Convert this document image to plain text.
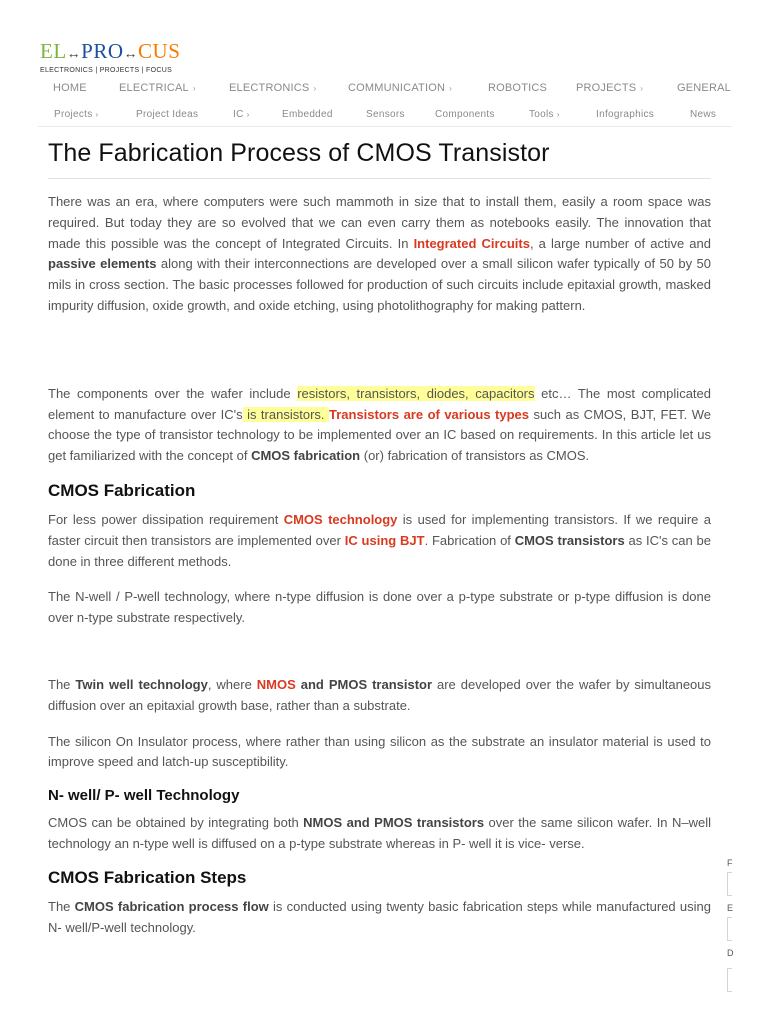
EL↔PRO↔CUS
ELECTRONICS | PROJECTS | FOCUS
HOME	ELECTRICAL ›	ELECTRONICS ›	COMMUNICATION ›	ROBOTICS	PROJECTS ›	GENERAL
Projects ›	Project Ideas	IC ›	Embedded	Sensors	Components	Tools ›	Infographics	News
The Fabrication Process of CMOS Transistor

There was an era, where computers were such mammoth in size that to install them, easily a room space was required. But today they are so evolved that we can even carry them as notebooks easily. The innovation that made this possible was the concept of Integrated Circuits. In Integrated Circuits, a large number of active and passive elements along with their interconnections are developed over a small silicon wafer typically of 50 by 50 mils in cross section. The basic processes followed for production of such circuits include epitaxial growth, masked impurity diffusion, oxide growth, and oxide etching, using photolithography for making pattern.

The components over the wafer include resistors, transistors, diodes, capacitors etc… The most complicated element to manufacture over IC's is transistors. Transistors are of various types such as CMOS, BJT, FET. We choose the type of transistor technology to be implemented over an IC based on requirements. In this article let us get familiarized with the concept of CMOS fabrication (or) fabrication of transistors as CMOS.

CMOS Fabrication

For less power dissipation requirement CMOS technology is used for implementing transistors. If we require a faster circuit then transistors are implemented over IC using BJT. Fabrication of CMOS transistors as IC's can be done in three different methods.

The N-well / P-well technology, where n-type diffusion is done over a p-type substrate or p-type diffusion is done over n-type substrate respectively.

The Twin well technology, where NMOS and PMOS transistor are developed over the wafer by simultaneous diffusion over an epitaxial growth base, rather than a substrate.

The silicon On Insulator process, where rather than using silicon as the substrate an insulator material is used to improve speed and latch-up susceptibility.

N- well/ P- well Technology

CMOS can be obtained by integrating both NMOS and PMOS transistors over the same silicon wafer. In N–well technology an n-type well is diffused on a p-type substrate whereas in P- well it is vice- verse.

CMOS Fabrication Steps

The CMOS fabrication process flow is conducted using twenty basic fabrication steps while manufactured using N- well/P-well technology.

F
E
D
